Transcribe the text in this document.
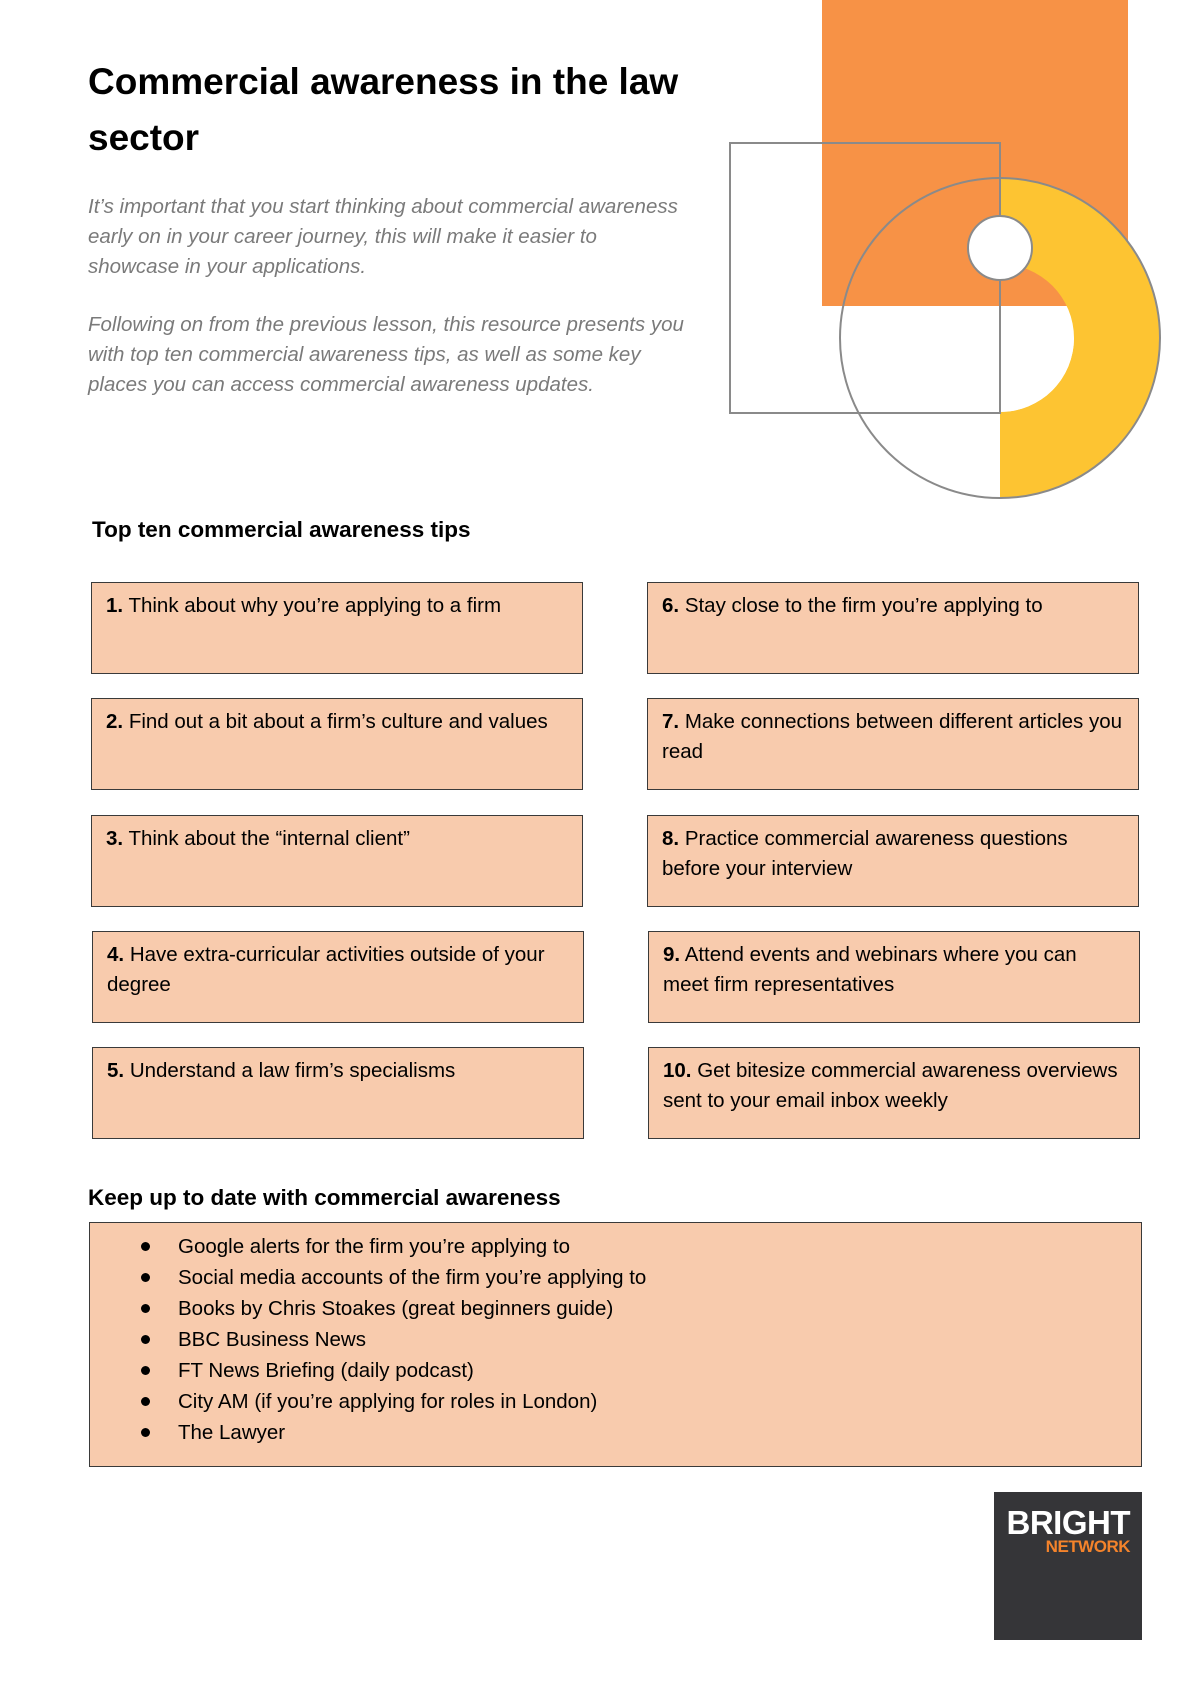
Commercial awareness in the law sector

It’s important that you start thinking about commercial awareness early on in your career journey, this will make it easier to showcase in your applications.

Following on from the previous lesson, this resource presents you with top ten commercial awareness tips, as well as some key places you can access commercial awareness updates.

Top ten commercial awareness tips
1. Think about why you’re applying to a firm
2. Find out a bit about a firm’s culture and values
3. Think about the “internal client”
4. Have extra-curricular activities outside of your degree
5. Understand a law firm’s specialisms
6. Stay close to the firm you’re applying to
7. Make connections between different articles you read
8. Practice commercial awareness questions before your interview
9. Attend events and webinars where you can meet firm representatives
10. Get bitesize commercial awareness overviews sent to your email inbox weekly
Keep up to date with commercial awareness
Google alerts for the firm you’re applying to
Social media accounts of the firm you’re applying to
Books by Chris Stoakes (great beginners guide)
BBC Business News
FT News Briefing (daily podcast)
City AM (if you’re applying for roles in London)
The Lawyer
BRIGHT
NETWORK
